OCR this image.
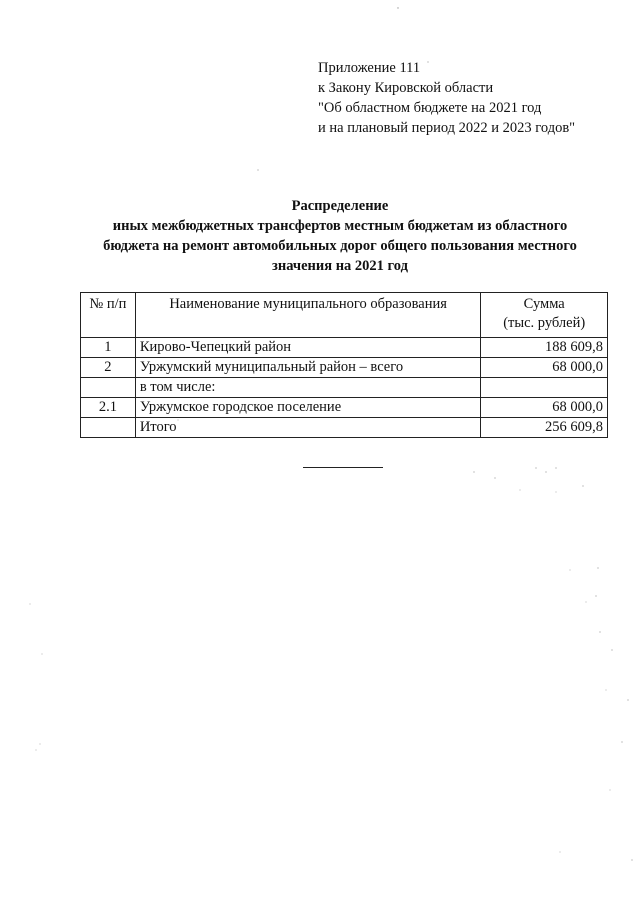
Приложение 111
к Закону Кировской области
"Об областном бюджете на 2021 год
и на плановый период 2022 и 2023 годов"
Распределение
иных межбюджетных трансфертов местным бюджетам из областного
бюджета на ремонт автомобильных дорог общего пользования местного
значения на 2021 год
№ п/п	Наименование муниципального образования	Сумма
(тыс. рублей)

1	Кирово-Чепецкий район	188 609,8
2	Уржумский муниципальный район – всего	68 000,0
	в том числе:	
2.1	Уржумское городское поселение	68 000,0
	Итого	256 609,8
